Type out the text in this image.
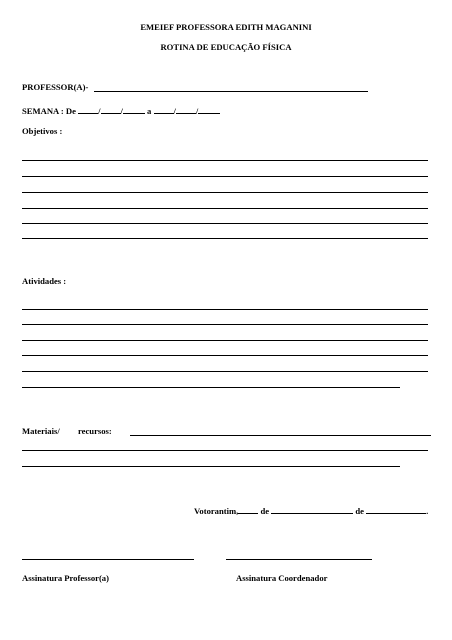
EMEIEF PROFESSORA EDITH MAGANINI
ROTINA DE EDUCAÇÃO FÍSICA
PROFESSOR(A)-
SEMANA : De	/ /	a	/ /
Objetivos :
Atividades :
Materiais/ recursos:
Votorantim,	de	de	.
Assinatura Professor(a)	Assinatura Coordenador
